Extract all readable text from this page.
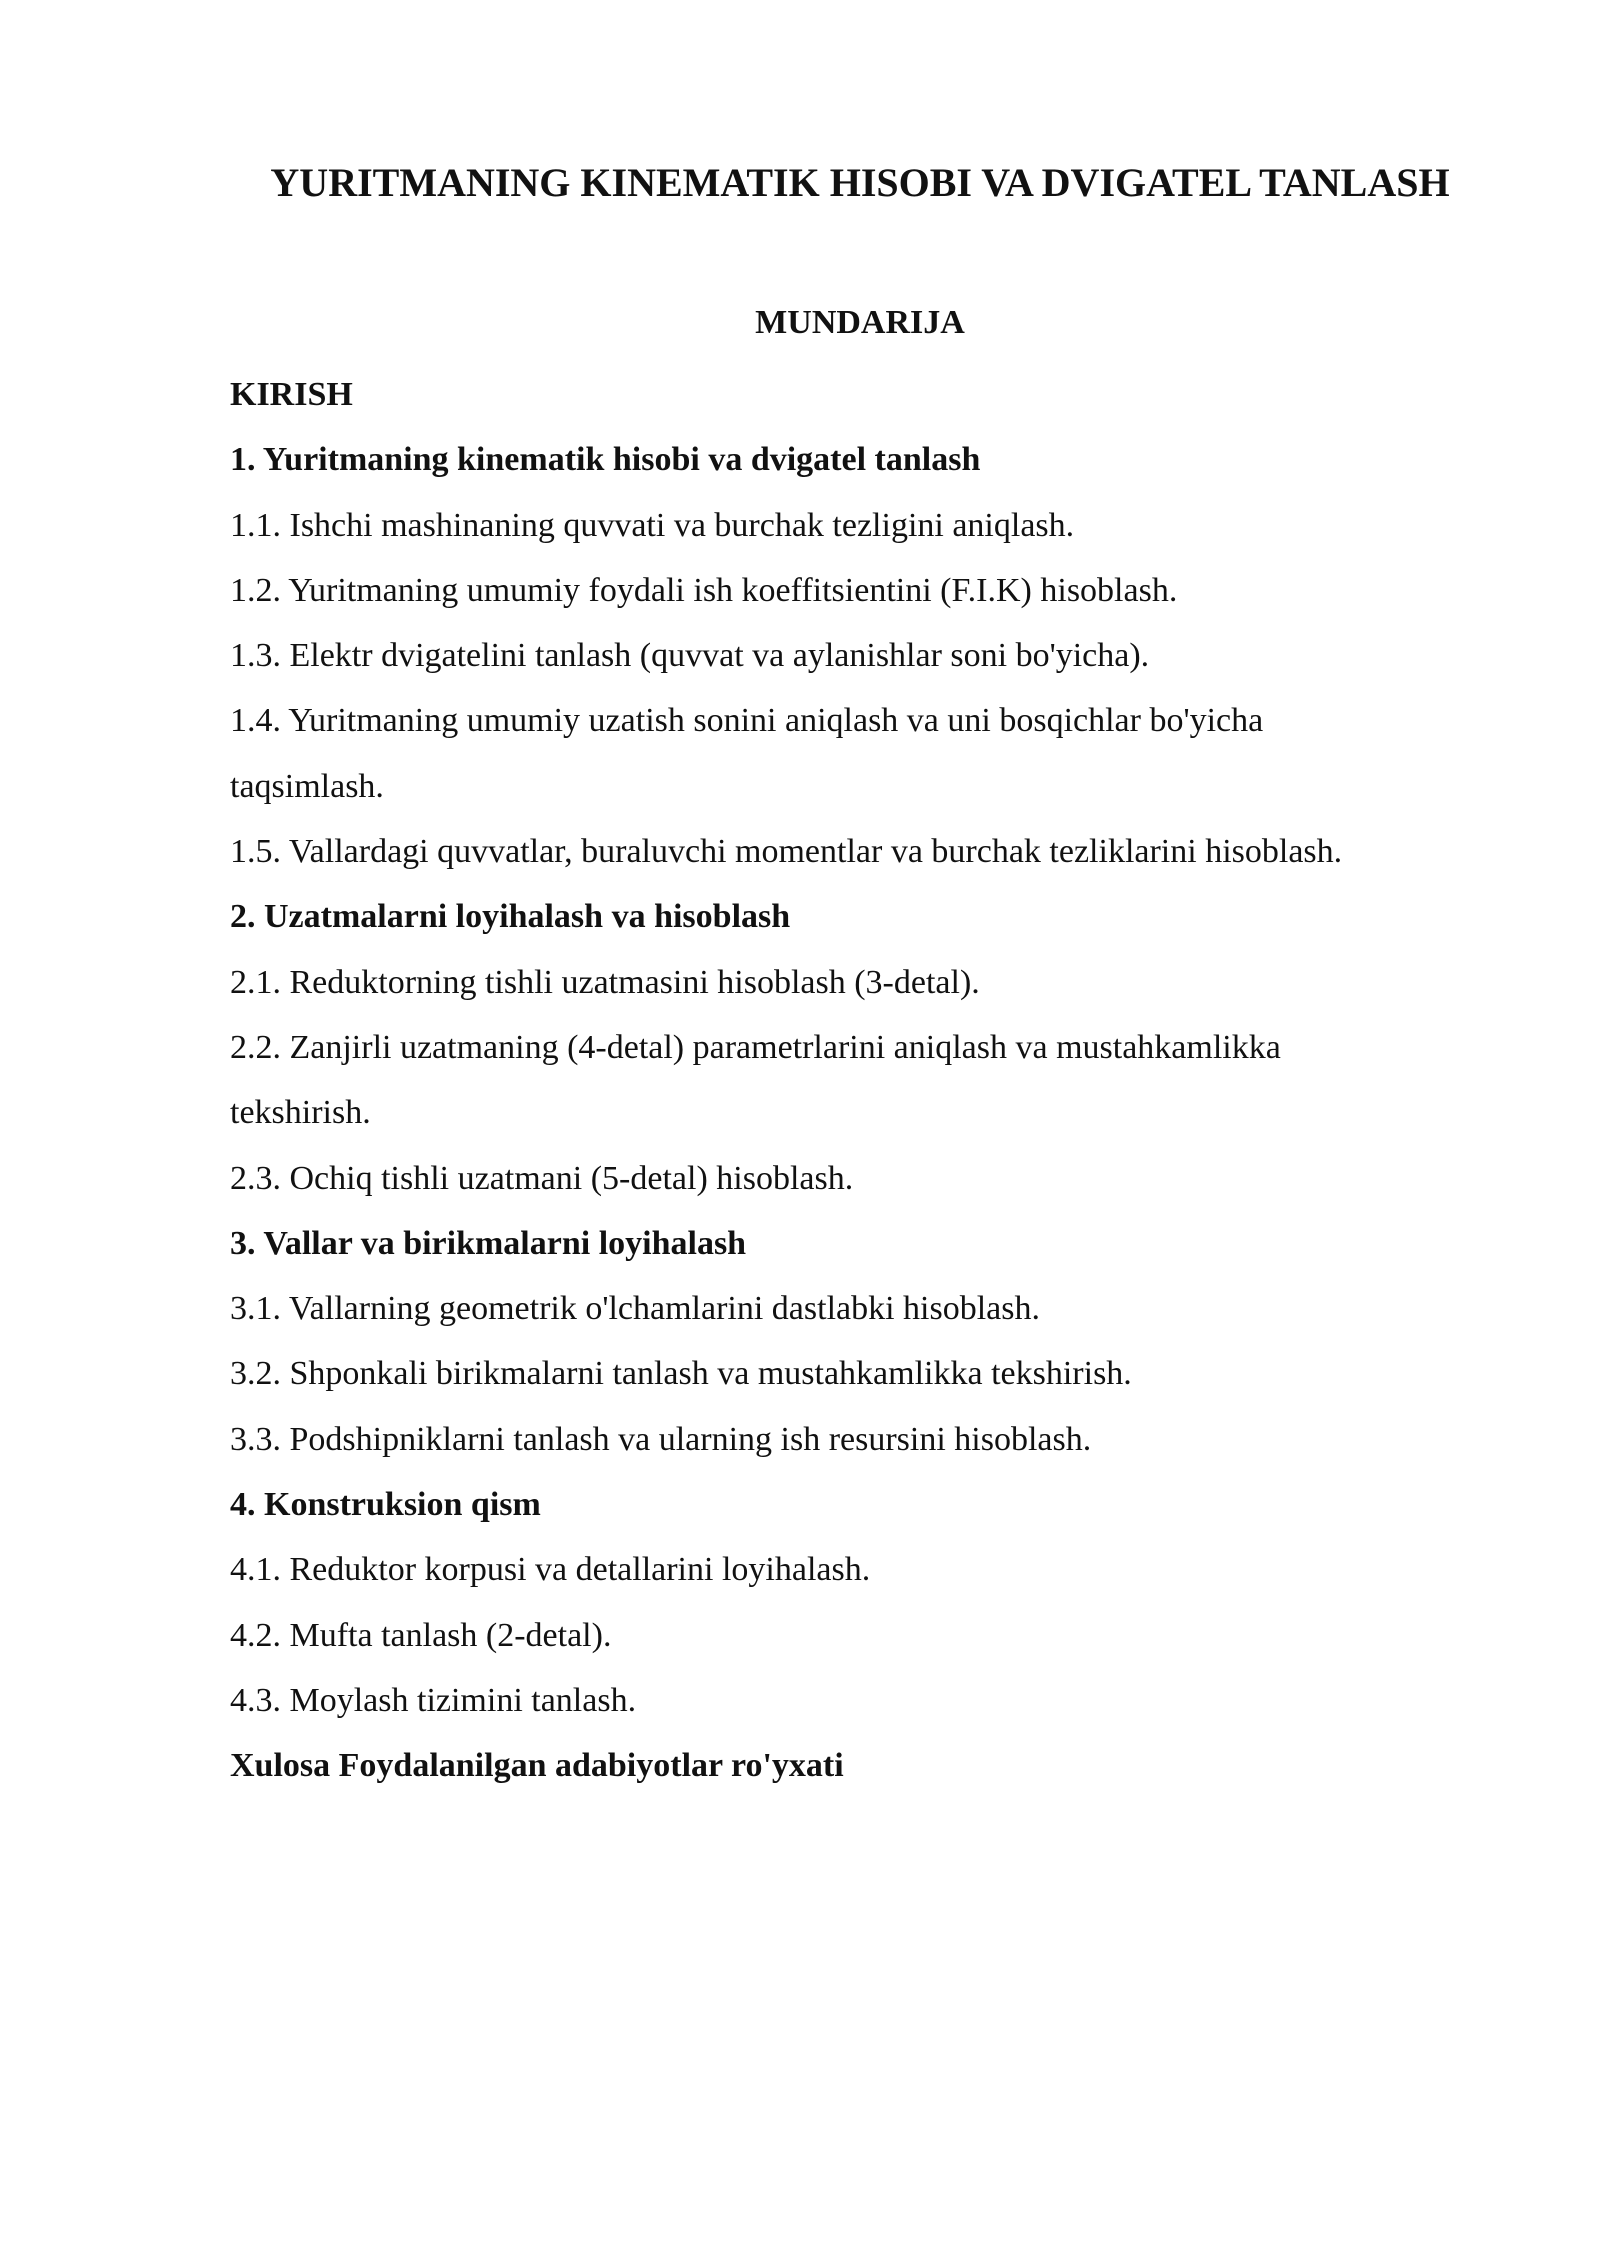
YURITMANING KINEMATIK HISOBI VA DVIGATEL TANLASH
MUNDARIJA
KIRISH
1. Yuritmaning kinematik hisobi va dvigatel tanlash
1.1. Ishchi mashinaning quvvati va burchak tezligini aniqlash.
1.2. Yuritmaning umumiy foydali ish koeffitsientini (F.I.K) hisoblash.
1.3. Elektr dvigatelini tanlash (quvvat va aylanishlar soni bo'yicha).
1.4. Yuritmaning umumiy uzatish sonini aniqlash va uni bosqichlar bo'yicha taqsimlash.
1.5. Vallardagi quvvatlar, buraluvchi momentlar va burchak tezliklarini hisoblash.
2. Uzatmalarni loyihalash va hisoblash
2.1. Reduktorning tishli uzatmasini hisoblash (3-detal).
2.2. Zanjirli uzatmaning (4-detal) parametrlarini aniqlash va mustahkamlikka tekshirish.
2.3. Ochiq tishli uzatmani (5-detal) hisoblash.
3. Vallar va birikmalarni loyihalash
3.1. Vallarning geometrik o'lchamlarini dastlabki hisoblash.
3.2. Shponkali birikmalarni tanlash va mustahkamlikka tekshirish.
3.3. Podshipniklarni tanlash va ularning ish resursini hisoblash.
4. Konstruksion qism
4.1. Reduktor korpusi va detallarini loyihalash.
4.2. Mufta tanlash (2-detal).
4.3. Moylash tizimini tanlash.
Xulosa Foydalanilgan adabiyotlar ro'yxati
